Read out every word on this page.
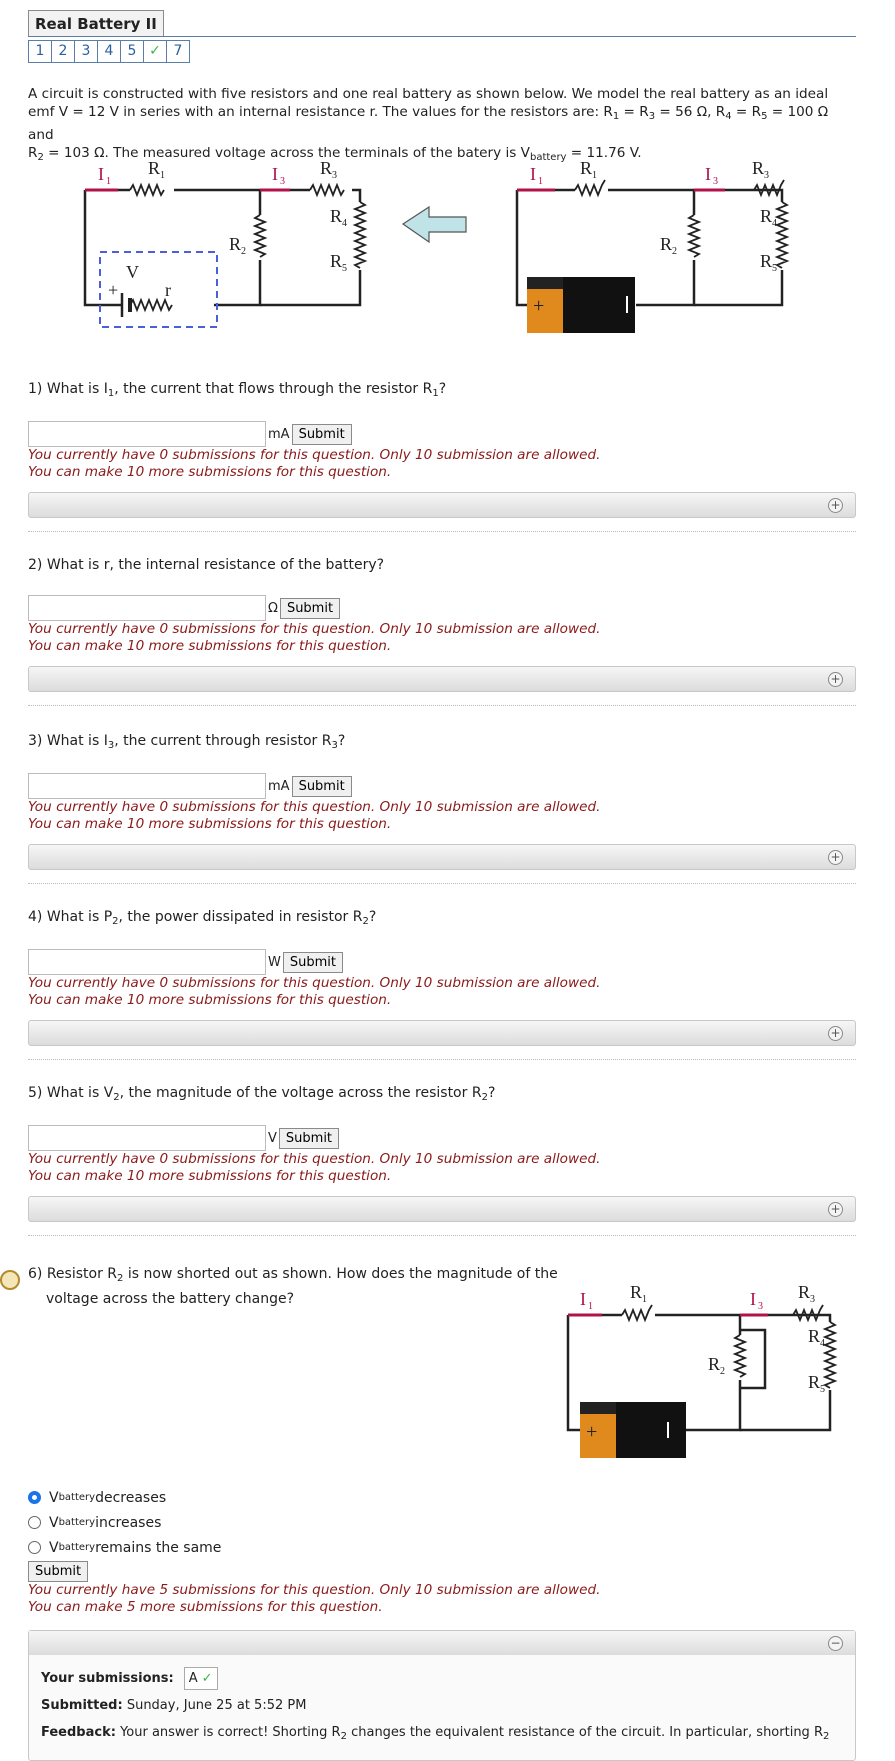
Real Battery II
1	2	3	4	5 ✓ 7
A circuit is constructed with five resistors and one real battery as shown below. We model the real battery as an ideal
emf V = 12 V in series with an internal resistance r. The values for the resistors are: $R_1 = R_3 = 56$ Ω, $R_4 = R_5 = 100$ Ω and
$R_2 = 103$ Ω. The measured voltage across the terminals of the batery is $V_{battery} = 11.76$ V.
I 1
R 1	I 3
R 3
R 4
R 5
R 2
V
+	r
I 1
R 1	I 3
R 3
R 4
R 5
R 2
+
1) What is $I_1$, the current that flows through the resistor $R_1$?
mA Submit
You currently have 0 submissions for this question. Only 10 submission are allowed.
You can make 10 more submissions for this question.
+
2) What is r, the internal resistance of the battery?
Ω Submit
You currently have 0 submissions for this question. Only 10 submission are allowed.
You can make 10 more submissions for this question.
+
3) What is $I_3$, the current through resistor $R_3$?
mA Submit
You currently have 0 submissions for this question. Only 10 submission are allowed.
You can make 10 more submissions for this question.
+
4) What is $P_2$, the power dissipated in resistor $R_2$?
W Submit
You currently have 0 submissions for this question. Only 10 submission are allowed.
You can make 10 more submissions for this question.
+
5) What is $V_2$, the magnitude of the voltage across the resistor $R_2$?
V Submit
You currently have 0 submissions for this question. Only 10 submission are allowed.
You can make 10 more submissions for this question.
+
6) Resistor $R_2$ is now shorted out as shown. How does the magnitude of the
voltage across the battery change?	I 1
R 1	I 3
R 3
R 4
R 5
R 2
+
V battery decreases
V battery increases
V battery remains the same
Submit
You currently have 5 submissions for this question. Only 10 submission are allowed.
You can make 5 more submissions for this question.
−
Your submissions: A ✓
Submitted: Sunday, June 25 at 5:52 PM
Feedback: Your answer is correct! Shorting $R_2$ changes the equivalent resistance of the circuit. In particular, shorting $R_2$
